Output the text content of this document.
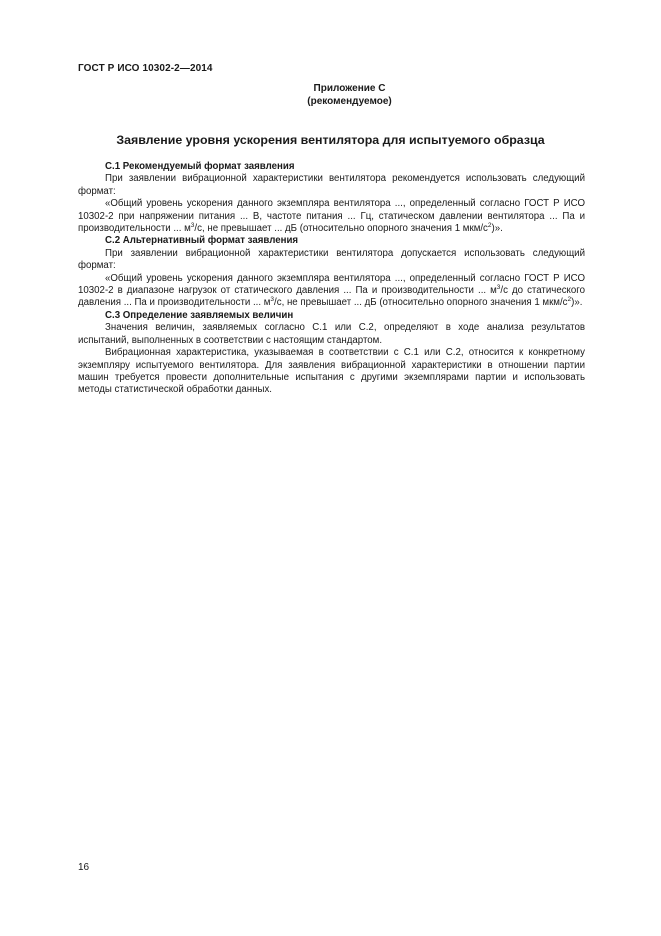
ГОСТ Р ИСО 10302-2—2014
Приложение С
(рекомендуемое)
Заявление уровня ускорения вентилятора для испытуемого образца
С.1 Рекомендуемый формат заявления

При заявлении вибрационной характеристики вентилятора рекомендуется использовать следующий формат:

«Общий уровень ускорения данного экземпляра вентилятора ..., определенный согласно ГОСТ Р ИСО 10302-2 при напряжении питания ... В, частоте питания ... Гц, статическом давлении вентилятора ... Па и производительности ... $м^3/с$, не превышает ... дБ (относительно опорного значения 1 мкм/$с^2$)».

С.2 Альтернативный формат заявления

При заявлении вибрационной характеристики вентилятора допускается использовать следующий формат:

«Общий уровень ускорения данного экземпляра вентилятора ..., определенный согласно ГОСТ Р ИСО 10302-2 в диапазоне нагрузок от статического давления ... Па и производительности ... $м^3/с$ до статического давления ... Па и производительности ... $м^3/с$, не превышает ... дБ (относительно опорного значения 1 мкм/$с^2$)».

С.3 Определение заявляемых величин

Значения величин, заявляемых согласно С.1 или С.2, определяют в ходе анализа результатов испытаний, выполненных в соответствии с настоящим стандартом.

Вибрационная характеристика, указываемая в соответствии с С.1 или С.2, относится к конкретному экземпляру испытуемого вентилятора. Для заявления вибрационной характеристики в отношении партии машин требуется провести дополнительные испытания с другими экземплярами партии и использовать методы статистической обработки данных.

16
